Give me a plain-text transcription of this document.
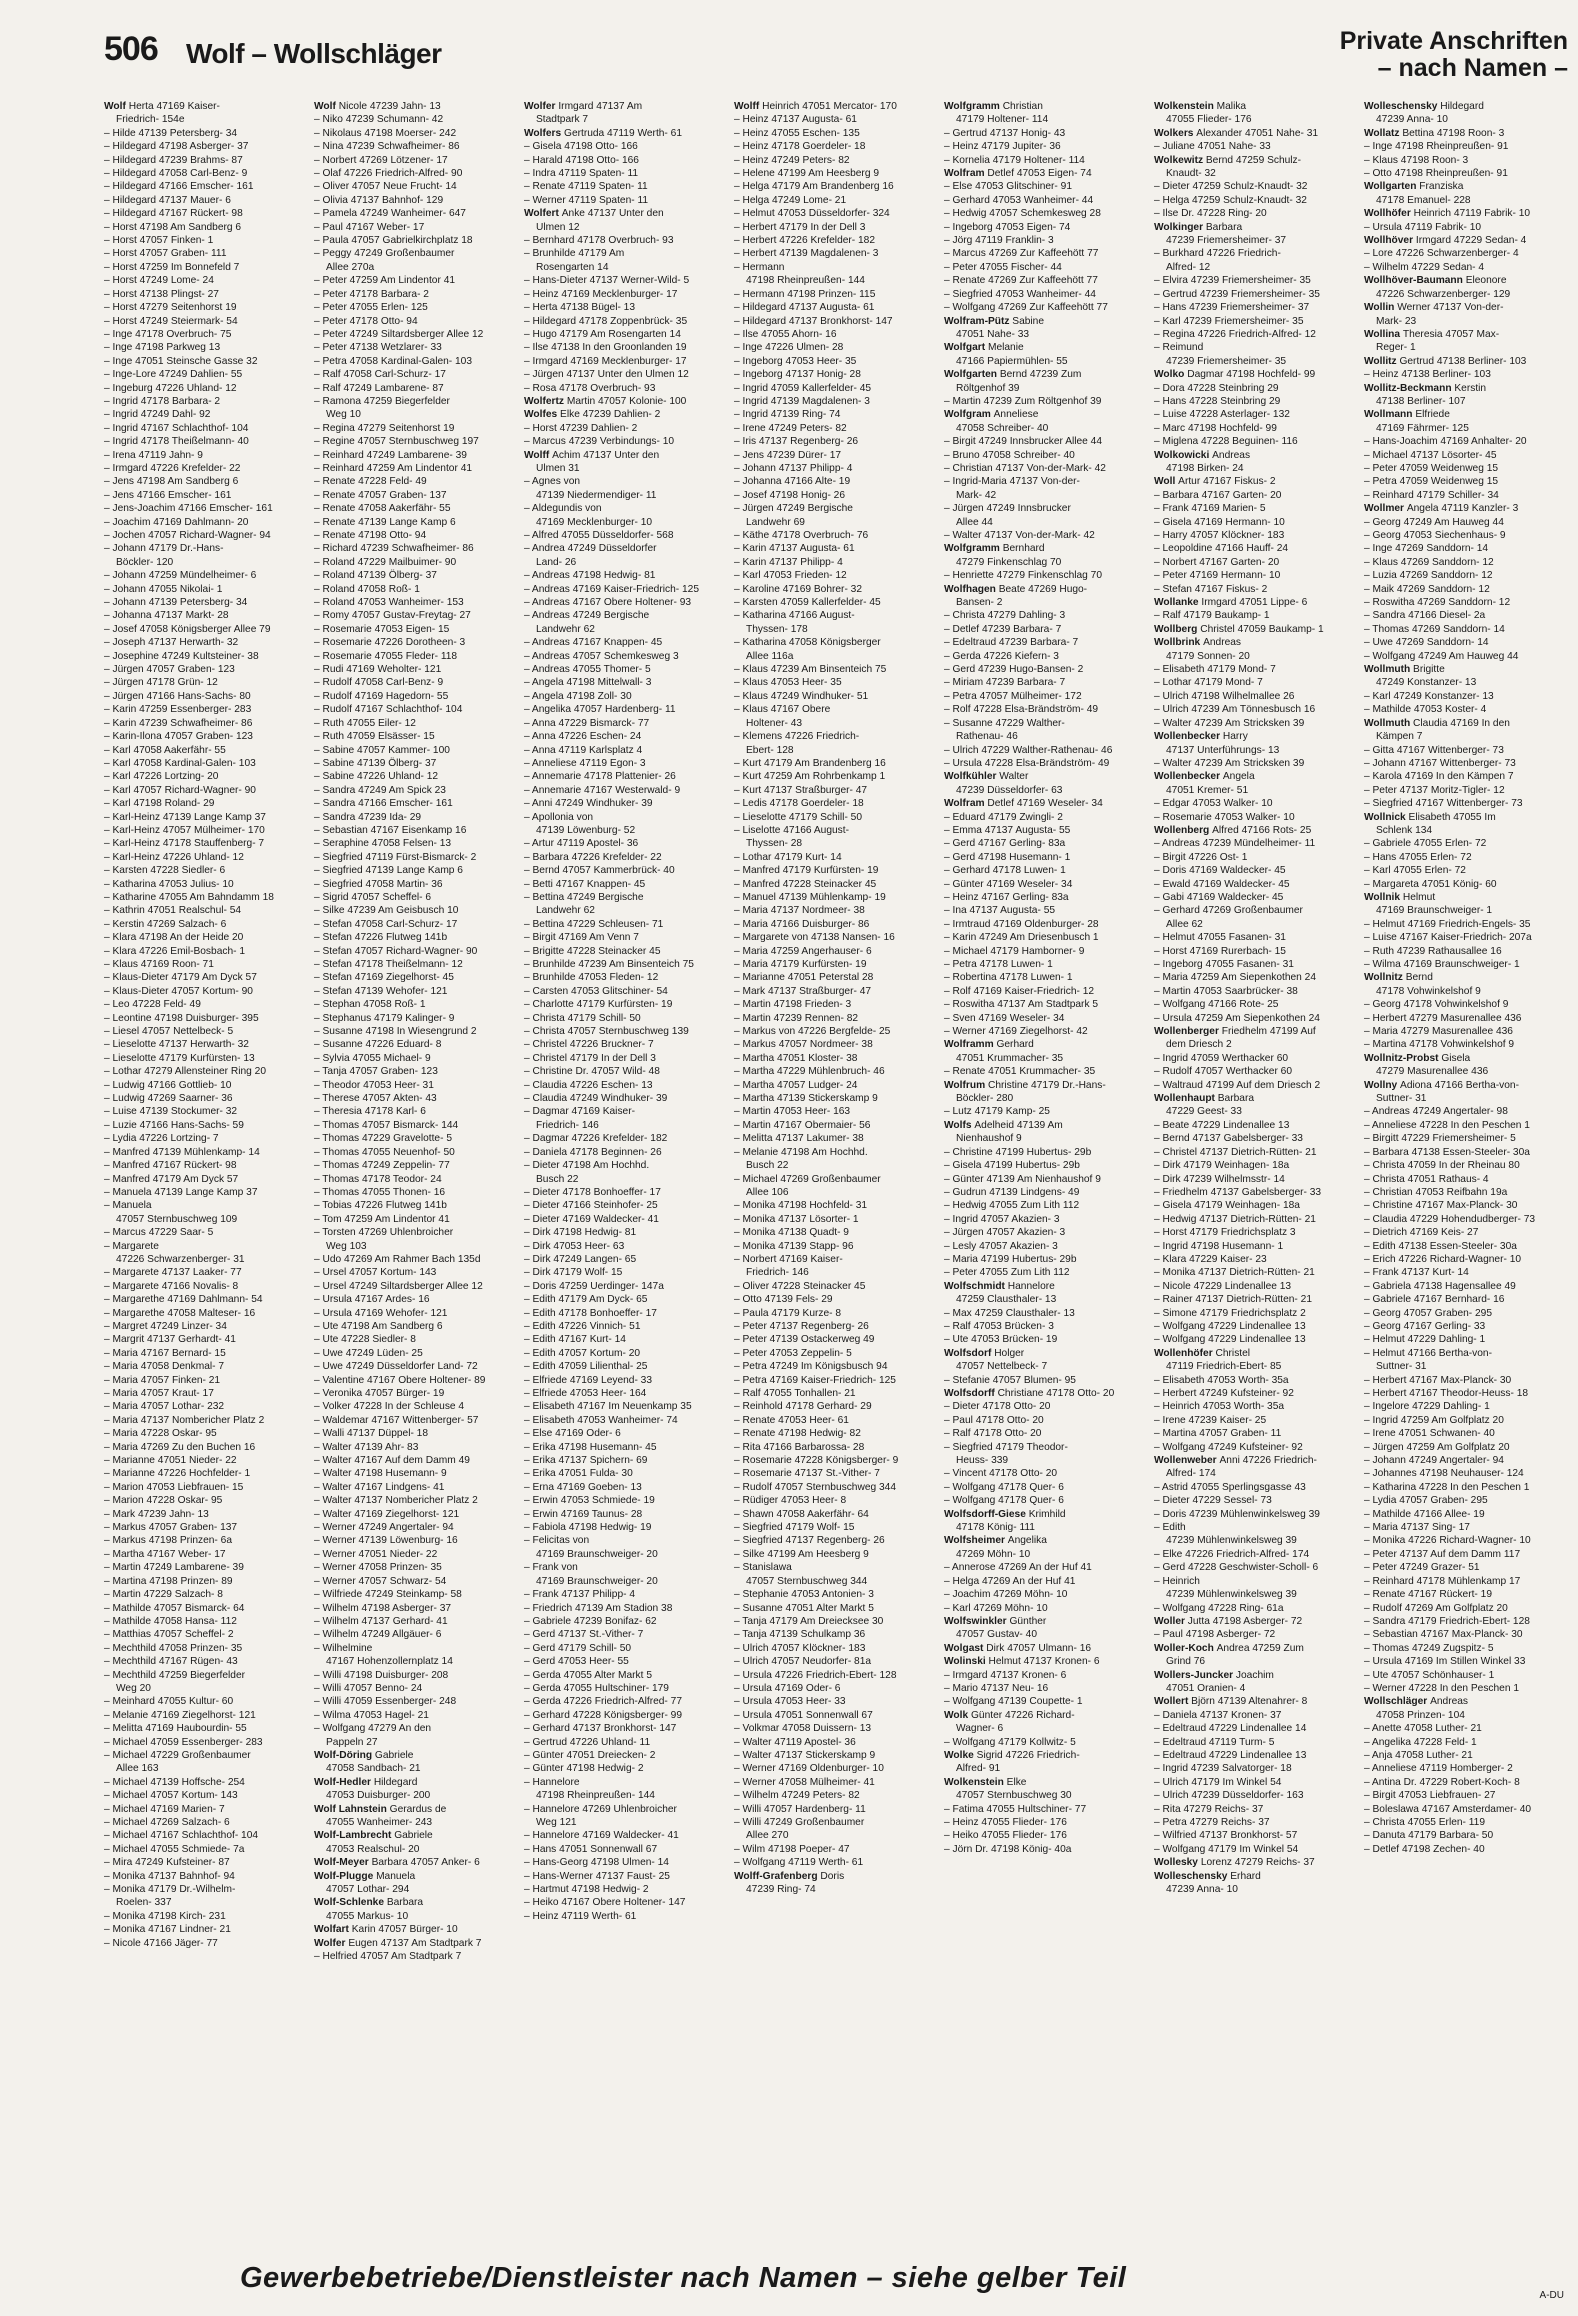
506 Wolf – Wollschläger	Private Anschriften
– nach Namen –
Wolf Herta 47169 Kaiser-
Friedrich- 154e
– Hilde 47139 Petersberg- 34
– Hildegard 47198 Asberger- 37
– Hildegard 47239 Brahms- 87
– Hildegard 47058 Carl-Benz- 9
– Hildegard 47166 Emscher- 161
– Hildegard 47137 Mauer- 6
– Hildegard 47167 Rückert- 98
– Horst 47198 Am Sandberg 6
– Horst 47057 Finken- 1
– Horst 47057 Graben- 111
– Horst 47259 Im Bonnefeld 7
– Horst 47249 Lome- 24
– Horst 47138 Plingst- 27
– Horst 47279 Seitenhorst 19
– Horst 47249 Steiermark- 54
– Inge 47178 Overbruch- 75
– Inge 47198 Parkweg 13
– Inge 47051 Steinsche Gasse 32
– Inge-Lore 47249 Dahlien- 55
– Ingeburg 47226 Uhland- 12
– Ingrid 47178 Barbara- 2
– Ingrid 47249 Dahl- 92
– Ingrid 47167 Schlachthof- 104
– Ingrid 47178 Theißelmann- 40
– Irena 47119 Jahn- 9
– Irmgard 47226 Krefelder- 22
– Jens 47198 Am Sandberg 6
– Jens 47166 Emscher- 161
– Jens-Joachim 47166 Emscher- 161
– Joachim 47169 Dahlmann- 20
– Jochen 47057 Richard-Wagner- 94
– Johann 47179 Dr.-Hans-
Böckler- 120
– Johann 47259 Mündelheimer- 6
– Johann 47055 Nikolai- 1
– Johann 47139 Petersberg- 34
– Johanna 47137 Markt- 28
– Josef 47058 Königsberger Allee 79
– Joseph 47137 Herwarth- 32
– Josephine 47249 Kultsteiner- 38
– Jürgen 47057 Graben- 123
– Jürgen 47178 Grün- 12
– Jürgen 47166 Hans-Sachs- 80
– Karin 47259 Essenberger- 283
– Karin 47239 Schwafheimer- 86
– Karin-Ilona 47057 Graben- 123
– Karl 47058 Aakerfähr- 55
– Karl 47058 Kardinal-Galen- 103
– Karl 47226 Lortzing- 20
– Karl 47057 Richard-Wagner- 90
– Karl 47198 Roland- 29
– Karl-Heinz 47139 Lange Kamp 37
– Karl-Heinz 47057 Mülheimer- 170
– Karl-Heinz 47178 Stauffenberg- 7
– Karl-Heinz 47226 Uhland- 12
– Karsten 47228 Siedler- 6
– Katharina 47053 Julius- 10
– Katharine 47055 Am Bahndamm 18
– Kathrin 47051 Realschul- 54
– Kerstin 47269 Salzach- 6
– Klara 47198 An der Heide 20
– Klara 47226 Emil-Bosbach- 1
– Klaus 47169 Roon- 71
– Klaus-Dieter 47179 Am Dyck 57
– Klaus-Dieter 47057 Kortum- 90
– Leo 47228 Feld- 49
– Leontine 47198 Duisburger- 395
– Liesel 47057 Nettelbeck- 5
– Lieselotte 47137 Herwarth- 32
– Lieselotte 47179 Kurfürsten- 13
– Lothar 47279 Allensteiner Ring 20
– Ludwig 47166 Gottlieb- 10
– Ludwig 47269 Saarner- 36
– Luise 47139 Stockumer- 32
– Luzie 47166 Hans-Sachs- 59
– Lydia 47226 Lortzing- 7
– Manfred 47139 Mühlenkamp- 14
– Manfred 47167 Rückert- 98
– Manfred 47179 Am Dyck 57
– Manuela 47139 Lange Kamp 37
– Manuela
47057 Sternbuschweg 109
– Marcus 47229 Saar- 5
– Margarete
47226 Schwarzenberger- 31
– Margarete 47137 Laaker- 77
– Margarete 47166 Novalis- 8
– Margarethe 47169 Dahlmann- 54
– Margarethe 47058 Malteser- 16
– Margret 47249 Linzer- 34
– Margrit 47137 Gerhardt- 41
– Maria 47167 Bernard- 15
– Maria 47058 Denkmal- 7
– Maria 47057 Finken- 21
– Maria 47057 Kraut- 17
– Maria 47057 Lothar- 232
– Maria 47137 Nombericher Platz 2
– Maria 47228 Oskar- 95
– Maria 47269 Zu den Buchen 16
– Marianne 47051 Nieder- 22
– Marianne 47226 Hochfelder- 1
– Marion 47053 Liebfrauen- 15
– Marion 47228 Oskar- 95
– Mark 47239 Jahn- 13
– Markus 47057 Graben- 137
– Markus 47198 Prinzen- 6a
– Martha 47167 Weber- 17
– Martin 47249 Lambarene- 39
– Martina 47198 Prinzen- 89
– Martin 47229 Salzach- 8
– Mathilde 47057 Bismarck- 64
– Mathilde 47058 Hansa- 112
– Matthias 47057 Scheffel- 2
– Mechthild 47058 Prinzen- 35
– Mechthild 47167 Rügen- 43
– Mechthild 47259 Biegerfelder
Weg 20
– Meinhard 47055 Kultur- 60
– Melanie 47169 Ziegelhorst- 121
– Melitta 47169 Haubourdin- 55
– Michael 47059 Essenberger- 283
– Michael 47229 Großenbaumer
Allee 163
– Michael 47139 Hoffsche- 254
– Michael 47057 Kortum- 143
– Michael 47169 Marien- 7
– Michael 47269 Salzach- 6
– Michael 47167 Schlachthof- 104
– Michael 47055 Schmiede- 7a
– Mira 47249 Kufsteiner- 87
– Monika 47137 Bahnhof- 94
– Monika 47179 Dr.-Wilhelm-
Roelen- 337
– Monika 47198 Kirch- 231
– Monika 47167 Lindner- 21
– Nicole 47166 Jäger- 77
Wolf Nicole 47239 Jahn- 13
– Niko 47239 Schumann- 42
– Nikolaus 47198 Moerser- 242
– Nina 47239 Schwafheimer- 86
– Norbert 47269 Lötzener- 17
– Olaf 47226 Friedrich-Alfred- 90
– Oliver 47057 Neue Frucht- 14
– Olivia 47137 Bahnhof- 129
– Pamela 47249 Wanheimer- 647
– Paul 47167 Weber- 17
– Paula 47057 Gabrielkirchplatz 18
– Peggy 47249 Großenbaumer
Allee 270a
– Peter 47259 Am Lindentor 41
– Peter 47178 Barbara- 2
– Peter 47055 Erlen- 125
– Peter 47178 Otto- 94
– Peter 47249 Siltardsberger Allee 12
– Peter 47138 Wetzlarer- 33
– Petra 47058 Kardinal-Galen- 103
– Ralf 47058 Carl-Schurz- 17
– Ralf 47249 Lambarene- 87
– Ramona 47259 Biegerfelder
Weg 10
– Regina 47279 Seitenhorst 19
– Regine 47057 Sternbuschweg 197
– Reinhard 47249 Lambarene- 39
– Reinhard 47259 Am Lindentor 41
– Renate 47228 Feld- 49
– Renate 47057 Graben- 137
– Renate 47058 Aakerfähr- 55
– Renate 47139 Lange Kamp 6
– Renate 47198 Otto- 94
– Richard 47239 Schwafheimer- 86
– Roland 47229 Mailbuimer- 90
– Roland 47139 Ölberg- 37
– Roland 47058 Roß- 1
– Roland 47053 Wanheimer- 153
– Romy 47057 Gustav-Freytag- 27
– Rosemarie 47053 Eigen- 15
– Rosemarie 47226 Dorotheen- 3
– Rosemarie 47055 Fleder- 118
– Rudi 47169 Weholter- 121
– Rudolf 47058 Carl-Benz- 9
– Rudolf 47169 Hagedorn- 55
– Rudolf 47167 Schlachthof- 104
– Ruth 47055 Eiler- 12
– Ruth 47059 Elsässer- 15
– Sabine 47057 Kammer- 100
– Sabine 47139 Ölberg- 37
– Sabine 47226 Uhland- 12
– Sandra 47249 Am Spick 23
– Sandra 47166 Emscher- 161
– Sandra 47239 Ida- 29
– Sebastian 47167 Eisenkamp 16
– Seraphine 47058 Felsen- 13
– Siegfried 47119 Fürst-Bismarck- 2
– Siegfried 47139 Lange Kamp 6
– Siegfried 47058 Martin- 36
– Sigrid 47057 Scheffel- 6
– Silke 47239 Am Geisbusch 10
– Stefan 47058 Carl-Schurz- 17
– Stefan 47226 Flutweg 141b
– Stefan 47057 Richard-Wagner- 90
– Stefan 47178 Theißelmann- 12
– Stefan 47169 Ziegelhorst- 45
– Stefan 47139 Wehofer- 121
– Stephan 47058 Roß- 1
– Stephanus 47179 Kalinger- 9
– Susanne 47198 In Wiesengrund 2
– Susanne 47226 Eduard- 8
– Sylvia 47055 Michael- 9
– Tanja 47057 Graben- 123
– Theodor 47053 Heer- 31
– Therese 47057 Akten- 43
– Theresia 47178 Karl- 6
– Thomas 47057 Bismarck- 144
– Thomas 47229 Gravelotte- 5
– Thomas 47055 Neuenhof- 50
– Thomas 47249 Zeppelin- 77
– Thomas 47178 Teodor- 24
– Thomas 47055 Thonen- 16
– Tobias 47226 Flutweg 141b
– Tom 47259 Am Lindentor 41
– Torsten 47269 Uhlenbroicher
Weg 103
– Udo 47269 Am Rahmer Bach 135d
– Ursel 47057 Kortum- 143
– Ursel 47249 Siltardsberger Allee 12
– Ursula 47167 Ardes- 16
– Ursula 47169 Wehofer- 121
– Ute 47198 Am Sandberg 6
– Ute 47228 Siedler- 8
– Uwe 47249 Lüden- 25
– Uwe 47249 Düsseldorfer Land- 72
– Valentine 47167 Obere Holtener- 89
– Veronika 47057 Bürger- 19
– Volker 47228 In der Schleuse 4
– Waldemar 47167 Wittenberger- 57
– Walli 47137 Düppel- 18
– Walter 47139 Ahr- 83
– Walter 47167 Auf dem Damm 49
– Walter 47198 Husemann- 9
– Walter 47167 Lindgens- 41
– Walter 47137 Nombericher Platz 2
– Walter 47169 Ziegelhorst- 121
– Werner 47249 Angertaler- 94
– Werner 47139 Löwenburg- 16
– Werner 47051 Nieder- 22
– Werner 47058 Prinzen- 35
– Werner 47057 Schwarz- 54
– Wilfriede 47249 Steinkamp- 58
– Wilhelm 47198 Asberger- 37
– Wilhelm 47137 Gerhard- 41
– Wilhelm 47249 Allgäuer- 6
– Wilhelmine
47167 Hohenzollernplatz 14
– Willi 47198 Duisburger- 208
– Willi 47057 Benno- 24
– Willi 47059 Essenberger- 248
– Wilma 47053 Hagel- 21
– Wolfgang 47279 An den
Pappeln 27
Wolf-Döring Gabriele
47058 Sandbach- 21
Wolf-Hedler Hildegard
47053 Duisburger- 200
Wolf Lahnstein Gerardus de
47055 Wanheimer- 243
Wolf-Lambrecht Gabriele
47053 Realschul- 20
Wolf-Meyer Barbara 47057 Anker- 6
Wolf-Plugge Manuela
47057 Lothar- 294
Wolf-Schlenke Barbara
47055 Markus- 10
Wolfart Karin 47057 Bürger- 10
Wolfer Eugen 47137 Am Stadtpark 7
– Helfried 47057 Am Stadtpark 7
Wolfer Irmgard 47137 Am
Stadtpark 7
Wolfers Gertruda 47119 Werth- 61
– Gisela 47198 Otto- 166
– Harald 47198 Otto- 166
– Indra 47119 Spaten- 11
– Renate 47119 Spaten- 11
– Werner 47119 Spaten- 11
Wolfert Anke 47137 Unter den
Ulmen 12
– Bernhard 47178 Overbruch- 93
– Brunhilde 47179 Am
Rosengarten 14
– Hans-Dieter 47137 Werner-Wild- 5
– Heinz 47169 Mecklenburger- 17
– Herta 47138 Bügel- 13
– Hildegard 47178 Zoppenbrück- 35
– Hugo 47179 Am Rosengarten 14
– Ilse 47138 In den Groonlanden 19
– Irmgard 47169 Mecklenburger- 17
– Jürgen 47137 Unter den Ulmen 12
– Rosa 47178 Overbruch- 93
Wolfertz Martin 47057 Kolonie- 100
Wolfes Elke 47239 Dahlien- 2
– Horst 47239 Dahlien- 2
– Marcus 47239 Verbindungs- 10
Wolff Achim 47137 Unter den
Ulmen 31
– Agnes von
47139 Niedermendiger- 11
– Aldegundis von
47169 Mecklenburger- 10
– Alfred 47055 Düsseldorfer- 568
– Andrea 47249 Düsseldorfer
Land- 26
– Andreas 47198 Hedwig- 81
– Andreas 47169 Kaiser-Friedrich- 125
– Andreas 47167 Obere Holtener- 93
– Andreas 47249 Bergische
Landwehr 62
– Andreas 47167 Knappen- 45
– Andreas 47057 Schemkesweg 3
– Andreas 47055 Thomer- 5
– Angela 47198 Mittelwall- 3
– Angela 47198 Zoll- 30
– Angelika 47057 Hardenberg- 11
– Anna 47229 Bismarck- 77
– Anna 47226 Eschen- 24
– Anna 47119 Karlsplatz 4
– Anneliese 47119 Egon- 3
– Annemarie 47178 Plattenier- 26
– Annemarie 47167 Westerwald- 9
– Anni 47249 Windhuker- 39
– Apollonia von
47139 Löwenburg- 52
– Artur 47119 Apostel- 36
– Barbara 47226 Krefelder- 22
– Bernd 47057 Kammerbrück- 40
– Betti 47167 Knappen- 45
– Bettina 47249 Bergische
Landwehr 62
– Bettina 47229 Schleusen- 71
– Birgit 47169 Am Venn 7
– Brigitte 47228 Steinacker 45
– Brunhilde 47239 Am Binsenteich 75
– Brunhilde 47053 Fleden- 12
– Carsten 47053 Glitschiner- 54
– Charlotte 47179 Kurfürsten- 19
– Christa 47179 Schill- 50
– Christa 47057 Sternbuschweg 139
– Christel 47226 Bruckner- 7
– Christel 47179 In der Dell 3
– Christine Dr. 47057 Wild- 48
– Claudia 47226 Eschen- 13
– Claudia 47249 Windhuker- 39
– Dagmar 47169 Kaiser-
Friedrich- 146
– Dagmar 47226 Krefelder- 182
– Daniela 47178 Beginnen- 26
– Dieter 47198 Am Hochhd.
Busch 22
– Dieter 47178 Bonhoeffer- 17
– Dieter 47166 Steinhofer- 25
– Dieter 47169 Waldecker- 41
– Dirk 47198 Hedwig- 81
– Dirk 47053 Heer- 63
– Dirk 47249 Langen- 65
– Dirk 47179 Wolf- 15
– Doris 47259 Uerdinger- 147a
– Edith 47179 Am Dyck- 65
– Edith 47178 Bonhoeffer- 17
– Edith 47226 Vinnich- 51
– Edith 47167 Kurt- 14
– Edith 47057 Kortum- 20
– Edith 47059 Lilienthal- 25
– Elfriede 47169 Leyend- 33
– Elfriede 47053 Heer- 164
– Elisabeth 47167 Im Neuenkamp 35
– Elisabeth 47053 Wanheimer- 74
– Else 47169 Oder- 6
– Erika 47198 Husemann- 45
– Erika 47137 Spichern- 69
– Erika 47051 Fulda- 30
– Erna 47169 Goeben- 13
– Erwin 47053 Schmiede- 19
– Erwin 47169 Taunus- 28
– Fabiola 47198 Hedwig- 19
– Felicitas von
47169 Braunschweiger- 20
– Frank von
47169 Braunschweiger- 20
– Frank 47137 Philipp- 4
– Friedrich 47139 Am Stadion 38
– Gabriele 47239 Bonifaz- 62
– Gerd 47137 St.-Vither- 7
– Gerd 47179 Schill- 50
– Gerd 47053 Heer- 55
– Gerda 47055 Alter Markt 5
– Gerda 47055 Hultschiner- 179
– Gerda 47226 Friedrich-Alfred- 77
– Gerhard 47228 Königsberger- 99
– Gerhard 47137 Bronkhorst- 147
– Gertrud 47226 Uhland- 11
– Günter 47051 Dreiecken- 2
– Günter 47198 Hedwig- 2
– Hannelore
47198 Rheinpreußen- 144
– Hannelore 47269 Uhlenbroicher
Weg 121
– Hannelore 47169 Waldecker- 41
– Hans 47051 Sonnenwall 67
– Hans-Georg 47198 Ulmen- 14
– Hans-Werner 47137 Faust- 25
– Hartmut 47198 Hedwig- 2
– Heiko 47167 Obere Holtener- 147
– Heinz 47119 Werth- 61
Wolff Heinrich 47051 Mercator- 170
– Heinz 47137 Augusta- 61
– Heinz 47055 Eschen- 135
– Heinz 47178 Goerdeler- 18
– Heinz 47249 Peters- 82
– Helene 47199 Am Heesberg 9
– Helga 47179 Am Brandenberg 16
– Helga 47249 Lome- 21
– Helmut 47053 Düsseldorfer- 324
– Herbert 47179 In der Dell 3
– Herbert 47226 Krefelder- 182
– Herbert 47139 Magdalenen- 3
– Hermann
47198 Rheinpreußen- 144
– Hermann 47198 Prinzen- 115
– Hildegard 47137 Augusta- 61
– Hildegard 47137 Bronkhorst- 147
– Ilse 47055 Ahorn- 16
– Inge 47226 Ulmen- 28
– Ingeborg 47053 Heer- 35
– Ingeborg 47137 Honig- 28
– Ingrid 47059 Kallerfelder- 45
– Ingrid 47139 Magdalenen- 3
– Ingrid 47139 Ring- 74
– Irene 47249 Peters- 82
– Iris 47137 Regenberg- 26
– Jens 47239 Dürer- 17
– Johann 47137 Philipp- 4
– Johanna 47166 Alte- 19
– Josef 47198 Honig- 26
– Jürgen 47249 Bergische
Landwehr 69
– Käthe 47178 Overbruch- 76
– Karin 47137 Augusta- 61
– Karin 47137 Philipp- 4
– Karl 47053 Frieden- 12
– Karoline 47169 Bohrer- 32
– Karsten 47059 Kallerfelder- 45
– Katharina 47166 August-
Thyssen- 178
– Katharina 47058 Königsberger
Allee 116a
– Klaus 47239 Am Binsenteich 75
– Klaus 47053 Heer- 35
– Klaus 47249 Windhuker- 51
– Klaus 47167 Obere
Holtener- 43
– Klemens 47226 Friedrich-
Ebert- 128
– Kurt 47179 Am Brandenberg 16
– Kurt 47259 Am Rohrbenkamp 1
– Kurt 47137 Straßburger- 47
– Ledis 47178 Goerdeler- 18
– Lieselotte 47179 Schill- 50
– Liselotte 47166 August-
Thyssen- 28
– Lothar 47179 Kurt- 14
– Manfred 47179 Kurfürsten- 19
– Manfred 47228 Steinacker 45
– Manuel 47139 Mühlenkamp- 19
– Maria 47137 Nordmeer- 38
– Maria 47166 Duisburger- 86
– Margarete von 47138 Nansen- 16
– Maria 47259 Angerhauser- 6
– Maria 47179 Kurfürsten- 19
– Marianne 47051 Peterstal 28
– Mark 47137 Straßburger- 47
– Martin 47198 Frieden- 3
– Martin 47239 Rennen- 82
– Markus von 47226 Bergfelde- 25
– Markus 47057 Nordmeer- 38
– Martha 47051 Kloster- 38
– Martha 47229 Mühlenbruch- 46
– Martha 47057 Ludger- 24
– Martha 47139 Stickerskamp 9
– Martin 47053 Heer- 163
– Martin 47167 Obermaier- 56
– Melitta 47137 Lakumer- 38
– Melanie 47198 Am Hochhd.
Busch 22
– Michael 47269 Großenbaumer
Allee 106
– Monika 47198 Hochfeld- 31
– Monika 47137 Lösorter- 1
– Monika 47138 Quadt- 9
– Monika 47139 Stapp- 96
– Norbert 47169 Kaiser-
Friedrich- 146
– Oliver 47228 Steinacker 45
– Otto 47139 Fels- 29
– Paula 47179 Kurze- 8
– Peter 47137 Regenberg- 26
– Peter 47139 Ostackerweg 49
– Peter 47053 Zeppelin- 5
– Petra 47249 Im Königsbusch 94
– Petra 47169 Kaiser-Friedrich- 125
– Ralf 47055 Tonhallen- 21
– Reinhold 47178 Gerhard- 29
– Renate 47053 Heer- 61
– Renate 47198 Hedwig- 82
– Rita 47166 Barbarossa- 28
– Rosemarie 47228 Königsberger- 9
– Rosemarie 47137 St.-Vither- 7
– Rudolf 47057 Sternbuschweg 344
– Rüdiger 47053 Heer- 8
– Shawn 47058 Aakerfähr- 64
– Siegfried 47179 Wolf- 15
– Siegfried 47137 Regenberg- 26
– Silke 47199 Am Heesberg 9
– Stanislawa
47057 Sternbuschweg 344
– Stephanie 47053 Antonien- 3
– Susanne 47051 Alter Markt 5
– Tanja 47179 Am Dreiecksee 30
– Tanja 47139 Schulkamp 36
– Ulrich 47057 Klöckner- 183
– Ulrich 47057 Neudorfer- 81a
– Ursula 47226 Friedrich-Ebert- 128
– Ursula 47169 Oder- 6
– Ursula 47053 Heer- 33
– Ursula 47051 Sonnenwall 67
– Volkmar 47058 Duissern- 13
– Walter 47119 Apostel- 36
– Walter 47137 Stickerskamp 9
– Werner 47169 Oldenburger- 10
– Werner 47058 Mülheimer- 41
– Wilhelm 47249 Peters- 82
– Willi 47057 Hardenberg- 11
– Willi 47249 Großenbaumer
Allee 270
– Wilm 47198 Poeper- 47
– Wolfgang 47119 Werth- 61
Wolff-Grafenberg Doris
47239 Ring- 74
Wolfgramm Christian
47179 Holtener- 114
– Gertrud 47137 Honig- 43
– Heinz 47179 Jupiter- 36
– Kornelia 47179 Holtener- 114
Wolfram Detlef 47053 Eigen- 74
– Else 47053 Glitschiner- 91
– Gerhard 47053 Wanheimer- 44
– Hedwig 47057 Schemkesweg 28
– Ingeborg 47053 Eigen- 74
– Jörg 47119 Franklin- 3
– Marcus 47269 Zur Kaffeehött 77
– Peter 47055 Fischer- 44
– Renate 47269 Zur Kaffeehött 77
– Siegfried 47053 Wanheimer- 44
– Wolfgang 47269 Zur Kaffeehött 77
Wolfram-Pütz Sabine
47051 Nahe- 33
Wolfgart Melanie
47166 Papiermühlen- 55
Wolfgarten Bernd 47239 Zum
Röltgenhof 39
– Martin 47239 Zum Röltgenhof 39
Wolfgram Anneliese
47058 Schreiber- 40
– Birgit 47249 Innsbrucker Allee 44
– Bruno 47058 Schreiber- 40
– Christian 47137 Von-der-Mark- 42
– Ingrid-Maria 47137 Von-der-
Mark- 42
– Jürgen 47249 Innsbrucker
Allee 44
– Walter 47137 Von-der-Mark- 42
Wolfgramm Bernhard
47279 Finkenschlag 70
– Henriette 47279 Finkenschlag 70
Wolfhagen Beate 47269 Hugo-
Bansen- 2
– Christa 47279 Dahling- 3
– Detlef 47239 Barbara- 7
– Edeltraud 47239 Barbara- 7
– Gerda 47226 Kiefern- 3
– Gerd 47239 Hugo-Bansen- 2
– Miriam 47239 Barbara- 7
– Petra 47057 Mülheimer- 172
– Rolf 47228 Elsa-Brändström- 49
– Susanne 47229 Walther-
Rathenau- 46
– Ulrich 47229 Walther-Rathenau- 46
– Ursula 47228 Elsa-Brändström- 49
Wolfkühler Walter
47239 Düsseldorfer- 63
Wolfram Detlef 47169 Weseler- 34
– Eduard 47179 Zwingli- 2
– Emma 47137 Augusta- 55
– Gerd 47167 Gerling- 83a
– Gerd 47198 Husemann- 1
– Gerhard 47178 Luwen- 1
– Günter 47169 Weseler- 34
– Heinz 47167 Gerling- 83a
– Ina 47137 Augusta- 55
– Irmtraud 47169 Oldenburger- 28
– Karin 47249 Am Driesenbusch 1
– Michael 47179 Hamborner- 9
– Petra 47178 Luwen- 1
– Robertina 47178 Luwen- 1
– Rolf 47169 Kaiser-Friedrich- 12
– Roswitha 47137 Am Stadtpark 5
– Sven 47169 Weseler- 34
– Werner 47169 Ziegelhorst- 42
Wolframm Gerhard
47051 Krummacher- 35
– Renate 47051 Krummacher- 35
Wolfrum Christine 47179 Dr.-Hans-
Böckler- 280
– Lutz 47179 Kamp- 25
Wolfs Adelheid 47139 Am
Nienhaushof 9
– Christine 47199 Hubertus- 29b
– Gisela 47199 Hubertus- 29b
– Günter 47139 Am Nienhaushof 9
– Gudrun 47139 Lindgens- 49
– Hedwig 47055 Zum Lith 112
– Ingrid 47057 Akazien- 3
– Jürgen 47057 Akazien- 3
– Lesly 47057 Akazien- 3
– Maria 47199 Hubertus- 29b
– Peter 47055 Zum Lith 112
Wolfschmidt Hannelore
47259 Clausthaler- 13
– Max 47259 Clausthaler- 13
– Ralf 47053 Brücken- 3
– Ute 47053 Brücken- 19
Wolfsdorf Holger
47057 Nettelbeck- 7
– Stefanie 47057 Blumen- 95
Wolfsdorff Christiane 47178 Otto- 20
– Dieter 47178 Otto- 20
– Paul 47178 Otto- 20
– Ralf 47178 Otto- 20
– Siegfried 47179 Theodor-
Heuss- 339
– Vincent 47178 Otto- 20
– Wolfgang 47178 Quer- 6
– Wolfgang 47178 Quer- 6
Wolfsdorff-Giese Krimhild
47178 König- 111
Wolfsheimer Angelika
47269 Möhn- 10
– Annerose 47269 An der Huf 41
– Helga 47269 An der Huf 41
– Joachim 47269 Möhn- 10
– Karl 47269 Möhn- 10
Wolfswinkler Günther
47057 Gustav- 40
Wolgast Dirk 47057 Ulmann- 16
Wolinski Helmut 47137 Kronen- 6
– Irmgard 47137 Kronen- 6
– Mario 47137 Neu- 16
– Wolfgang 47139 Coupette- 1
Wolk Günter 47226 Richard-
Wagner- 6
– Wolfgang 47179 Kollwitz- 5
Wolke Sigrid 47226 Friedrich-
Alfred- 91
Wolkenstein Elke
47057 Sternbuschweg 30
– Fatima 47055 Hultschiner- 77
– Heinz 47055 Flieder- 176
– Heiko 47055 Flieder- 176
– Jörn Dr. 47198 König- 40a
Wolkenstein Malika
47055 Flieder- 176
Wolkers Alexander 47051 Nahe- 31
– Juliane 47051 Nahe- 33
Wolkewitz Bernd 47259 Schulz-
Knaudt- 32
– Dieter 47259 Schulz-Knaudt- 32
– Helga 47259 Schulz-Knaudt- 32
– Ilse Dr. 47228 Ring- 20
Wolkinger Barbara
47239 Friemersheimer- 37
– Burkhard 47226 Friedrich-
Alfred- 12
– Elvira 47239 Friemersheimer- 35
– Gertrud 47239 Friemersheimer- 35
– Hans 47239 Friemersheimer- 37
– Karl 47239 Friemersheimer- 35
– Regina 47226 Friedrich-Alfred- 12
– Reimund
47239 Friemersheimer- 35
Wolko Dagmar 47198 Hochfeld- 99
– Dora 47228 Steinbring 29
– Hans 47228 Steinbring 29
– Luise 47228 Asterlager- 132
– Marc 47198 Hochfeld- 99
– Miglena 47228 Beguinen- 116
Wolkowicki Andreas
47198 Birken- 24
Woll Artur 47167 Fiskus- 2
– Barbara 47167 Garten- 20
– Frank 47169 Marien- 5
– Gisela 47169 Hermann- 10
– Harry 47057 Klöckner- 183
– Leopoldine 47166 Hauff- 24
– Norbert 47167 Garten- 20
– Peter 47169 Hermann- 10
– Stefan 47167 Fiskus- 2
Wollanke Irmgard 47051 Lippe- 6
– Ralf 47179 Baukamp- 1
Wollberg Christel 47059 Baukamp- 1
Wollbrink Andreas
47179 Sonnen- 20
– Elisabeth 47179 Mond- 7
– Lothar 47179 Mond- 7
– Ulrich 47198 Wilhelmallee 26
– Ulrich 47239 Am Tönnesbusch 16
– Walter 47239 Am Stricksken 39
Wollenbecker Harry
47137 Unterführungs- 13
– Walter 47239 Am Stricksken 39
Wollenbecker Angela
47051 Kremer- 51
– Edgar 47053 Walker- 10
– Rosemarie 47053 Walker- 10
Wollenberg Alfred 47166 Rots- 25
– Andreas 47239 Mündelheimer- 11
– Birgit 47226 Ost- 1
– Doris 47169 Waldecker- 45
– Ewald 47169 Waldecker- 45
– Gabi 47169 Waldecker- 45
– Gerhard 47269 Großenbaumer
Allee 62
– Helmut 47055 Fasanen- 31
– Horst 47169 Rurerbach- 15
– Ingeborg 47055 Fasanen- 31
– Maria 47259 Am Siepenkothen 24
– Martin 47053 Saarbrücker- 38
– Wolfgang 47166 Rote- 25
– Ursula 47259 Am Siepenkothen 24
Wollenberger Friedhelm 47199 Auf
dem Driesch 2
– Ingrid 47059 Werthacker 60
– Rudolf 47057 Werthacker 60
– Waltraud 47199 Auf dem Driesch 2
Wollenhaupt Barbara
47229 Geest- 33
– Beate 47229 Lindenallee 13
– Bernd 47137 Gabelsberger- 33
– Christel 47137 Dietrich-Rütten- 21
– Dirk 47179 Weinhagen- 18a
– Dirk 47239 Wilhelmsstr- 14
– Friedhelm 47137 Gabelsberger- 33
– Gisela 47179 Weinhagen- 18a
– Hedwig 47137 Dietrich-Rütten- 21
– Horst 47179 Friedrichsplatz 3
– Ingrid 47198 Husemann- 1
– Klara 47229 Kaiser- 23
– Monika 47137 Dietrich-Rütten- 21
– Nicole 47229 Lindenallee 13
– Rainer 47137 Dietrich-Rütten- 21
– Simone 47179 Friedrichsplatz 2
– Wolfgang 47229 Lindenallee 13
– Wolfgang 47229 Lindenallee 13
Wollenhöfer Christel
47119 Friedrich-Ebert- 85
– Elisabeth 47053 Worth- 35a
– Herbert 47249 Kufsteiner- 92
– Heinrich 47053 Worth- 35a
– Irene 47239 Kaiser- 25
– Martina 47057 Graben- 11
– Wolfgang 47249 Kufsteiner- 92
Wollenweber Anni 47226 Friedrich-
Alfred- 174
– Astrid 47055 Sperlingsgasse 43
– Dieter 47229 Sessel- 73
– Doris 47239 Mühlenwinkelsweg 39
– Edith
47239 Mühlenwinkelsweg 39
– Elke 47226 Friedrich-Alfred- 174
– Gerd 47228 Geschwister-Scholl- 6
– Heinrich
47239 Mühlenwinkelsweg 39
– Wolfgang 47228 Ring- 61a
Woller Jutta 47198 Asberger- 72
– Paul 47198 Asberger- 72
Woller-Koch Andrea 47259 Zum
Grind 76
Wollers-Juncker Joachim
47051 Oranien- 4
Wollert Björn 47139 Altenahrer- 8
– Daniela 47137 Kronen- 37
– Edeltraud 47229 Lindenallee 14
– Edeltraud 47119 Turm- 5
– Edeltraud 47229 Lindenallee 13
– Ingrid 47239 Salvatorger- 18
– Ulrich 47179 Im Winkel 54
– Ulrich 47239 Düsseldorfer- 163
– Rita 47279 Reichs- 37
– Petra 47279 Reichs- 37
– Wilfried 47137 Bronkhorst- 57
– Wolfgang 47179 Im Winkel 54
Wollesky Lorenz 47279 Reichs- 37
Wolleschensky Erhard
47239 Anna- 10
Wolleschensky Hildegard
47239 Anna- 10
Wollatz Bettina 47198 Roon- 3
– Inge 47198 Rheinpreußen- 91
– Klaus 47198 Roon- 3
– Otto 47198 Rheinpreußen- 91
Wollgarten Franziska
47178 Emanuel- 228
Wollhöfer Heinrich 47119 Fabrik- 10
– Ursula 47119 Fabrik- 10
Wollhöver Irmgard 47229 Sedan- 4
– Lore 47226 Schwarzenberger- 4
– Wilhelm 47229 Sedan- 4
Wollhöver-Baumann Eleonore
47226 Schwarzenberger- 129
Wollin Werner 47137 Von-der-
Mark- 23
Wollina Theresia 47057 Max-
Reger- 1
Wollitz Gertrud 47138 Berliner- 103
– Heinz 47138 Berliner- 103
Wollitz-Beckmann Kerstin
47138 Berliner- 107
Wollmann Elfriede
47169 Fährmer- 125
– Hans-Joachim 47169 Anhalter- 20
– Michael 47137 Lösorter- 45
– Peter 47059 Weidenweg 15
– Petra 47059 Weidenweg 15
– Reinhard 47179 Schiller- 34
Wollmer Angela 47119 Kanzler- 3
– Georg 47249 Am Hauweg 44
– Georg 47053 Siechenhaus- 9
– Inge 47269 Sanddorn- 14
– Klaus 47269 Sanddorn- 12
– Luzia 47269 Sanddorn- 12
– Maik 47269 Sanddorn- 12
– Roswitha 47269 Sanddorn- 12
– Sandra 47166 Diesel- 2a
– Thomas 47269 Sanddorn- 14
– Uwe 47269 Sanddorn- 14
– Wolfgang 47249 Am Hauweg 44
Wollmuth Brigitte
47249 Konstanzer- 13
– Karl 47249 Konstanzer- 13
– Mathilde 47053 Koster- 4
Wollmuth Claudia 47169 In den
Kämpen 7
– Gitta 47167 Wittenberger- 73
– Johann 47167 Wittenberger- 73
– Karola 47169 In den Kämpen 7
– Peter 47137 Moritz-Tigler- 12
– Siegfried 47167 Wittenberger- 73
Wollnick Elisabeth 47055 Im
Schlenk 134
– Gabriele 47055 Erlen- 72
– Hans 47055 Erlen- 72
– Karl 47055 Erlen- 72
– Margareta 47051 König- 60
Wollnik Helmut
47169 Braunschweiger- 1
– Helmut 47169 Friedrich-Engels- 35
– Luise 47167 Kaiser-Friedrich- 207a
– Ruth 47239 Rathausallee 16
– Wilma 47169 Braunschweiger- 1
Wollnitz Bernd
47178 Vohwinkelshof 9
– Georg 47178 Vohwinkelshof 9
– Herbert 47279 Masurenallee 436
– Maria 47279 Masurenallee 436
– Martina 47178 Vohwinkelshof 9
Wollnitz-Probst Gisela
47279 Masurenallee 436
Wollny Adiona 47166 Bertha-von-
Suttner- 31
– Andreas 47249 Angertaler- 98
– Anneliese 47228 In den Peschen 1
– Birgitt 47229 Friemersheimer- 5
– Barbara 47138 Essen-Steeler- 30a
– Christa 47059 In der Rheinau 80
– Christa 47051 Rathaus- 4
– Christian 47053 Reifbahn 19a
– Christine 47167 Max-Planck- 30
– Claudia 47229 Hohendudberger- 73
– Dietrich 47169 Keis- 27
– Edith 47138 Essen-Steeler- 30a
– Erich 47226 Richard-Wagner- 10
– Frank 47137 Kurt- 14
– Gabriela 47138 Hagensallee 49
– Gabriele 47167 Bernhard- 16
– Georg 47057 Graben- 295
– Georg 47167 Gerling- 33
– Helmut 47229 Dahling- 1
– Helmut 47166 Bertha-von-
Suttner- 31
– Herbert 47167 Max-Planck- 30
– Herbert 47167 Theodor-Heuss- 18
– Ingelore 47229 Dahling- 1
– Ingrid 47259 Am Golfplatz 20
– Irene 47051 Schwanen- 40
– Jürgen 47259 Am Golfplatz 20
– Johann 47249 Angertaler- 94
– Johannes 47198 Neuhauser- 124
– Katharina 47228 In den Peschen 1
– Lydia 47057 Graben- 295
– Mathilde 47166 Allee- 19
– Maria 47137 Sing- 17
– Monika 47226 Richard-Wagner- 10
– Peter 47137 Auf dem Damm 117
– Peter 47249 Grazer- 51
– Reinhard 47178 Mühlenkamp 17
– Renate 47167 Rückert- 19
– Rudolf 47269 Am Golfplatz 20
– Sandra 47179 Friedrich-Ebert- 128
– Sebastian 47167 Max-Planck- 30
– Thomas 47249 Zugspitz- 5
– Ursula 47169 Im Stillen Winkel 33
– Ute 47057 Schönhauser- 1
– Werner 47228 In den Peschen 1
Wollschläger Andreas
47058 Prinzen- 104
– Anette 47058 Luther- 21
– Angelika 47228 Feld- 1
– Anja 47058 Luther- 21
– Anneliese 47119 Homberger- 2
– Antina Dr. 47229 Robert-Koch- 8
– Birgit 47053 Liebfrauen- 27
– Boleslawa 47167 Amsterdamer- 40
– Christa 47055 Erlen- 119
– Danuta 47179 Barbara- 50
– Detlef 47198 Zechen- 40
Gewerbebetriebe/Dienstleister nach Namen – siehe gelber Teil
A-DU
